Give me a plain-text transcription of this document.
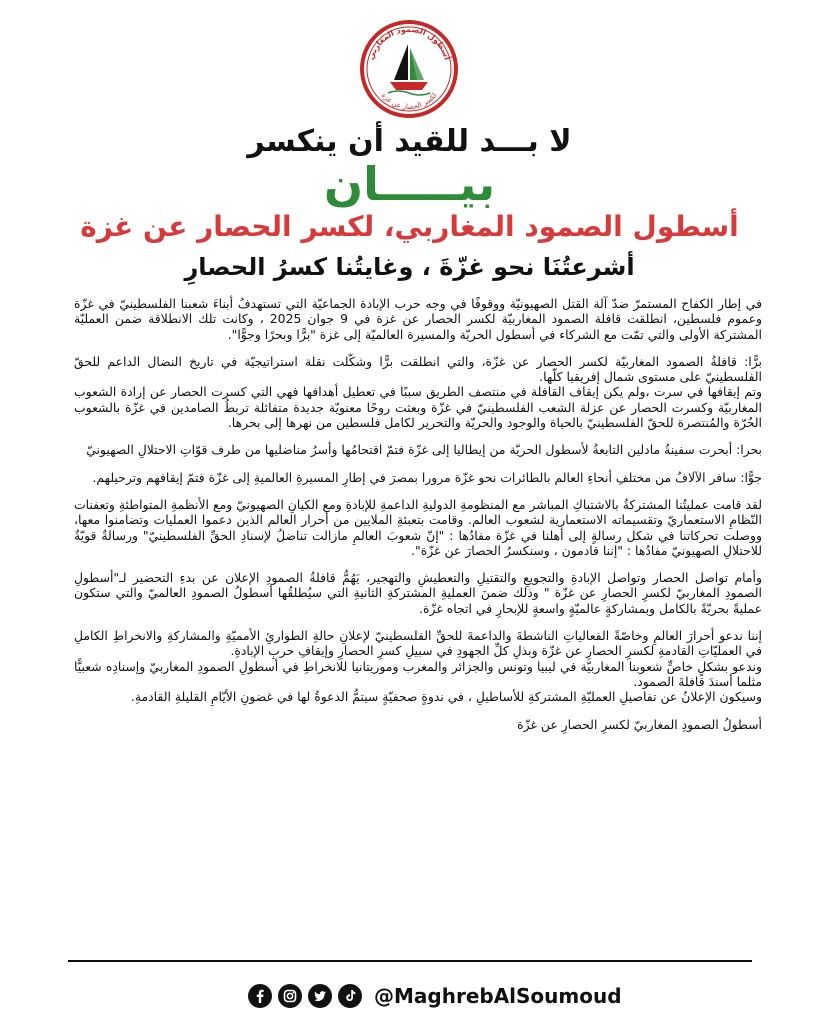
أسطول الصمود المغاربي
لكسر الحصار عن غزة
لا بـــد للقيد أن ينكسر
بيـــــان
أسطول الصمود المغاربي، لكسر الحصار عن غزة
أشرعتُنَا نحو غزّةَ ، وغايتُنا كسرُ الحصارِ

في إطار الكفاح المستمرّ ضدّ آلة القتل الصهيونيّة ووقوفًا في وجه حرب الإبادة الجماعيّة التي تستهدفُ أبناءَ شعبنا الفلسطينيّ في غزّة وعموم فلسطين، انطلقت قافلة الصمود المغاربيّة لكسر الحصار عن غزة في 9 جوان 2025 ، وكانت تلك الانطلاقة ضمن العمليّة المشتركة الأولى والتي تمّت مع الشركاء في أسطول الحريّة والمسيرة العالميّة إلى غزة "برًّا وبحرًا وجوًّا".

برًّا: قافلةُ الصمود المغاربيّة لكسر الحصار عن غزّة، والتي انطلقت برًّا وشكّلت نقلة استراتيجيّة في تاريخ النضال الداعم للحقّ الفلسطينيّ على مستوى شمال إفريقيا كلّها.

وتم إيقافها في سرت ،ولم يكن إيقاف القافلة في منتصف الطريق سببًا في تعطيل أهدافها فهي التي كسرت الحصار عن إرادة الشعوب المغاربيّة وكسرت الحصار عن عزلة الشعب الفلسطينيّ في غزّة وبعثت روحًا معنويّة جديدة متفائلة تربطُ الصامدين في غزّة بالشعوب الحُرّة والمُنتصرة للحقّ الفلسطينيّ بالحياة والوجود والحريّة والتحرير لكامل فلسطين من نهرها إلى بحرها.

بحرا: أبحرت سفينةُ مادلين التابعةُ لأسطول الحريّة من إيطاليا إلى غزّة فتمّ اقتحامُها وأسرُ مناضليها من طرف قوّاتِ الاحتلالِ الصهيونيّ

جوًّا: سافر الآلافُ من مختلفِ أنحاءِ العالم بالطائرات نحو غزّة مرورا بمصرَ في إطارِ المسيرةِ العالميةِ إلى غزّة فتمّ إيقافهم وترحيلهم.

لقد قامت عمليتُنا المشتركةُ بالاشتباكِ المباشر مع المنظومةِ الدوليةِ الداعمةِ للإبادةِ ومع الكيانِ الصهيونيّ ومع الأنظمةِ المتواطئةِ وتعفنات النّظامِ الاستعماريّ وتقسيماته الاستعمارية لشعوب العالم. وقامت بتعبئةِ الملايين من أحرار العالم الذين دعموا العمليات وتضامنوا معها، ووصلت تحركاتنا في شكل رسالةٍ إلى أهلنا في غزّة مفادُها : "إنّ شعوبَ العالمِ مازالت تناضلُ لإسنادِ الحقِّ الفلسطينيّ" ورسالةٌ قويّةٌ للاحتلالِ الصهيونيّ مفادُها : "إننا قادمون ، وسنكسرُ الحصارَ عن غزّة".

وأمام تواصل الحصار وتواصل الإبادةِ والتجويعِ والتقتيلِ والتعطيشِ والتهجير، يَهُمُّ قافلةُ الصمودِ الإعلان عن بدءِ التحضير لـ"أسطولِ الصمودِ المغاربيّ لكسرِ الحصارِ عن غزّة " وذلك ضمنَ العمليةِ المشتركةِ الثانيةِ التي سيُطلقُها أسطولُ الصمودِ العالميّ والتي ستكون عمليةً بحريّةً بالكامل وبمشاركةٍ عالميّةٍ واسعةٍ للإبحارِ في اتجاه غزّة.

إننا ندعو أحرارَ العالمِ وخاصّةً الفعالياتِ الناشطةَ والداعمةَ للحقِّ الفلسطينيّ لإعلانِ حالةِ الطوارئِ الأمميّةِ والمشاركةِ والانخراطِ الكاملِ في العمليّاتِ القادمةِ لكسرِ الحصارِ عن غزّة وبذلِ كلِّ الجهودِ في سبيلِ كسرِ الحصارِ وإيقافِ حربِ الإبادةِ.

وندعو بشكلٍ خاصٍّ شعوبنا المغاربيّة في ليبيا وتونس والجزائر والمغرب وموريتانيا للانخراطِ في أسطولِ الصمودِ المغاربيّ وإسنادِه شعبيًّا مثلما أسندَ قافلةَ الصمود.

وسيكون الإعلانُ عن تفاصيلِ العمليّةِ المشتركةِ للأساطيلِ ، في ندوةٍ صحفيّةٍ سيتمُّ الدعوةُ لها في غضونِ الأيّامِ القليلةِ القادمةِ.

أسطولُ الصمودِ المغاربيّ لكسرِ الحصارِ عن غزّة

@MaghrebAlSoumoud
